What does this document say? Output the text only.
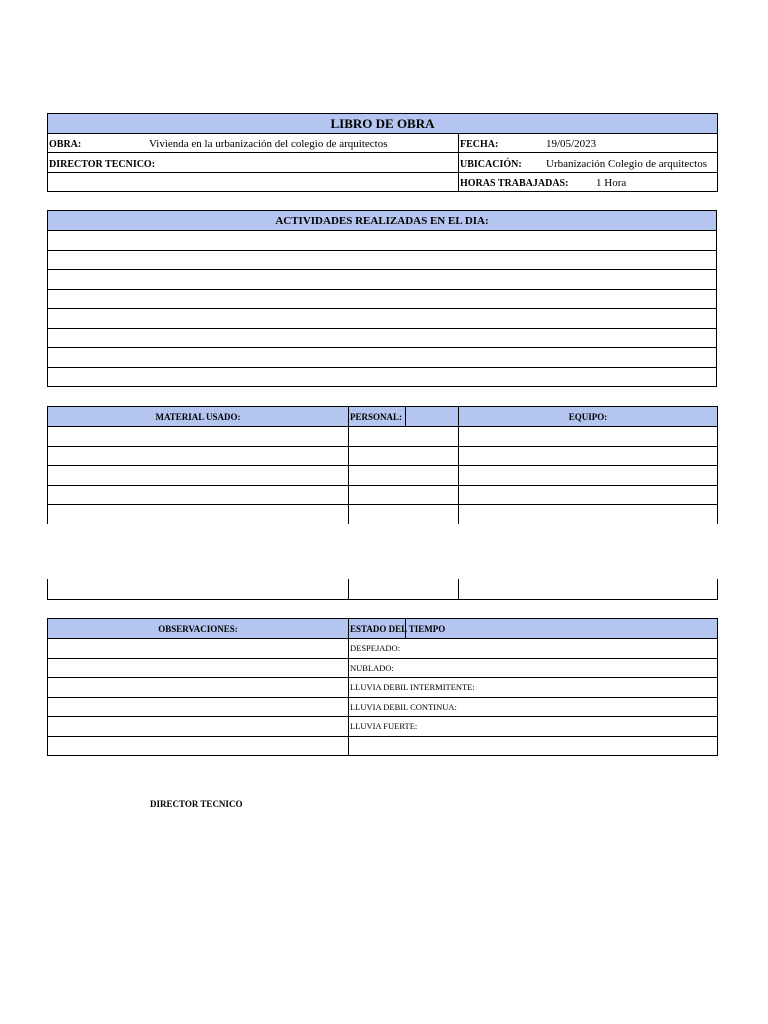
LIBRO DE OBRA	
OBRA: Vivienda en la urbanización del colegio de arquitectos	FECHA: 19/05/2023
DIRECTOR TECNICO:	UBICACIÓN: Urbanización Colegio de arquitectos
	HORAS TRABAJADAS: 1 Hora
ACTIVIDADES REALIZADAS EN EL DIA:

MATERIAL USADO:	PERSONAL:		EQUIPO:

OBSERVACIONES:	ESTADO DEL TIEMPO	
	DESPEJADO:	
	NUBLADO:	
	LLUVIA DEBIL INTERMITENTE:	
	LLUVIA DEBIL CONTINUA:	
	LLUVIA FUERTE:	

DIRECTOR TECNICO
